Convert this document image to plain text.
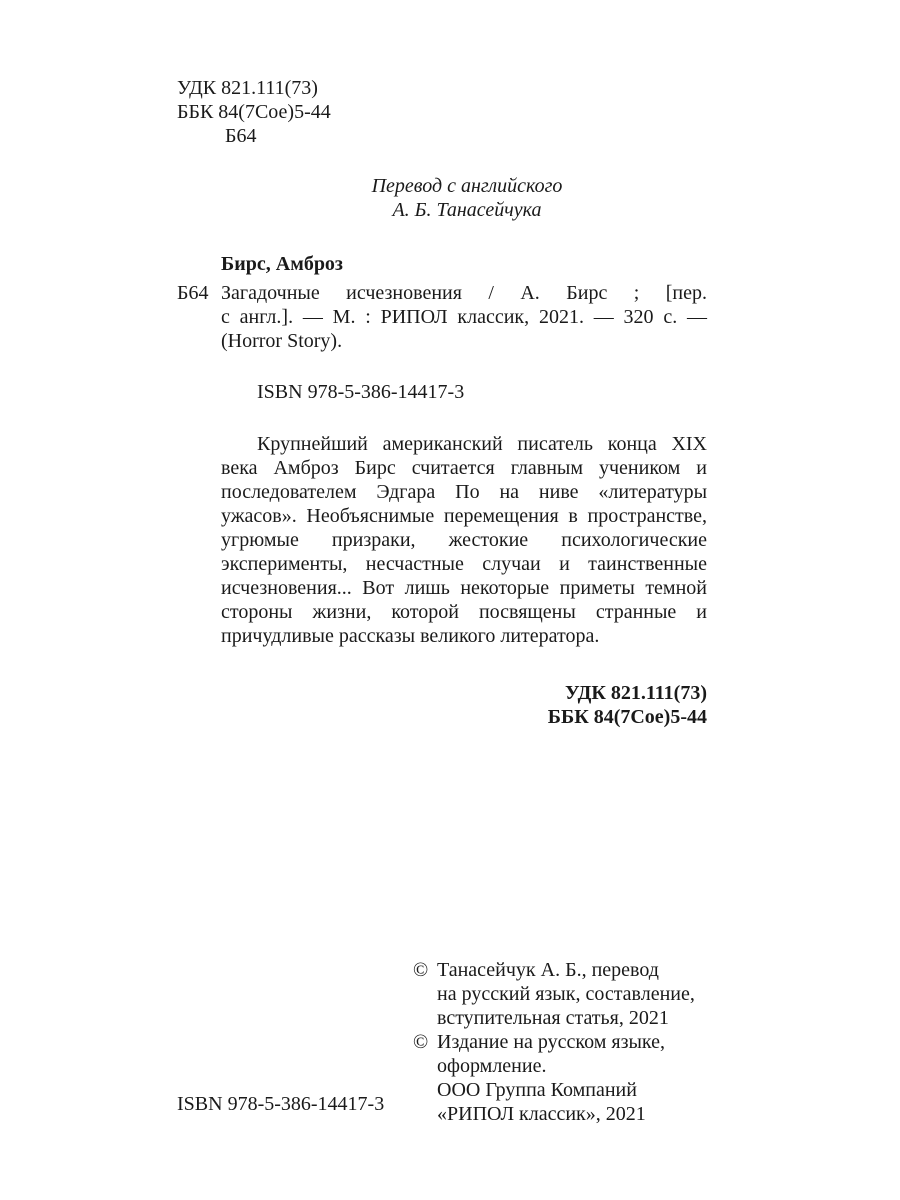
УДК 821.111(73)
ББК 84(7Сое)5-44
Б64
Перевод с английского
А. Б. Танасейчука
Бирс, Амброз
Б64 Загадочные исчезновения / А. Бирс ; [пер.

с англ.]. — М. : РИПОЛ классик, 2021. — 320 с. —

(Horror Story).

ISBN 978-5-386-14417-3

Крупнейший американский писатель конца XIX века Амброз Бирс считается главным учеником и последователем Эдгара По на ниве «литературы ужасов». Необъяснимые перемещения в пространстве, угрюмые призраки, жестокие психологические эксперименты, несчастные случаи и таинственные исчезновения... Вот лишь некоторые приметы темной стороны жизни, которой посвящены странные и причудливые рассказы великого литератора.

УДК 821.111(73)
ББК 84(7Сое)5-44
© Танасейчук А. Б., перевод
на русский язык, составление,
вступительная статья, 2021
© Издание на русском языке,
оформление.
ООО Группа Компаний
«РИПОЛ классик», 2021
ISBN 978-5-386-14417-3
